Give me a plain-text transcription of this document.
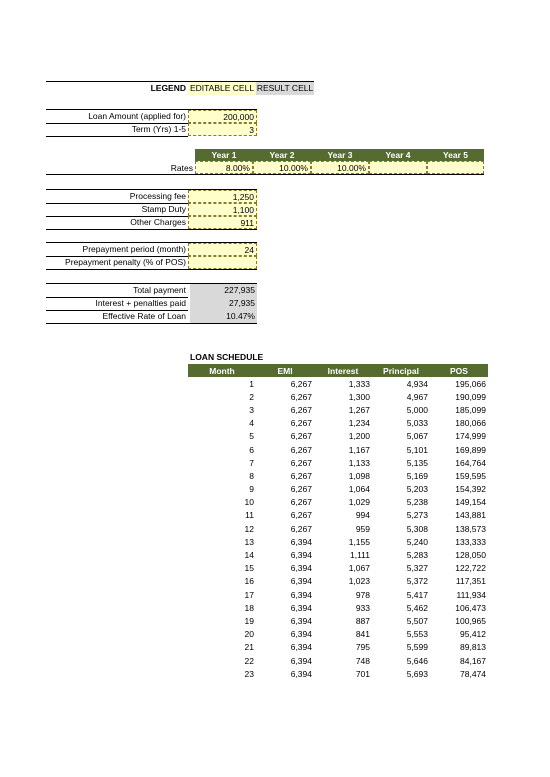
LEGEND EDITABLE CELL RESULT CELL
Loan Amount (applied for)	200,000
Term (Yrs) 1-5	3
Year 1	Year 2	Year 3	Year 4	Year 5
Rates	8.00%	10.00%	10.00%
Processing fee	1,250
Stamp Duty	1,100
Other Charges	911
Prepayment period (month)	24
Prepayment penalty (% of POS)
Total payment	227,935
Interest + penalties paid	27,935
Effective Rate of Loan	10.47%
LOAN SCHEDULE
Month	EMI	Interest	Principal	POS
1	6,267	1,333	4,934	195,066
2	6,267	1,300	4,967	190,099
3	6,267	1,267	5,000	185,099
4	6,267	1,234	5,033	180,066
5	6,267	1,200	5,067	174,999
6	6,267	1,167	5,101	169,899
7	6,267	1,133	5,135	164,764
8	6,267	1,098	5,169	159,595
9	6,267	1,064	5,203	154,392
10	6,267	1,029	5,238	149,154
11	6,267	994	5,273	143,881
12	6,267	959	5,308	138,573
13	6,394	1,155	5,240	133,333
14	6,394	1,111	5,283	128,050
15	6,394	1,067	5,327	122,722
16	6,394	1,023	5,372	117,351
17	6,394	978	5,417	111,934
18	6,394	933	5,462	106,473
19	6,394	887	5,507	100,965
20	6,394	841	5,553	95,412
21	6,394	795	5,599	89,813
22	6,394	748	5,646	84,167
23	6,394	701	5,693	78,474
